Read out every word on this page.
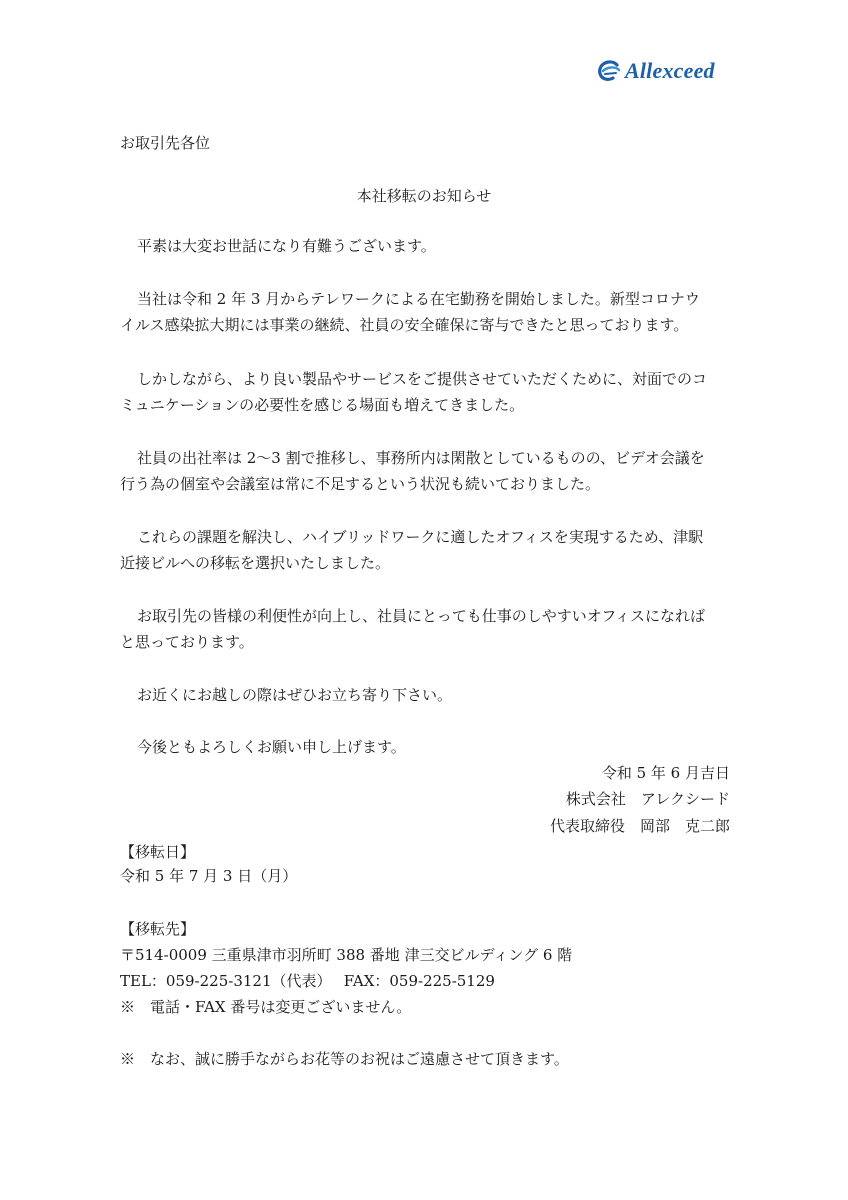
Allexceed
お取引先各位
本社移転のお知らせ
平素は大変お世話になり有難うございます。
当社は令和 2 年 3 月からテレワークによる在宅勤務を開始しました。新型コロナウ
イルス感染拡大期には事業の継続、社員の安全確保に寄与できたと思っております。
しかしながら、より良い製品やサービスをご提供させていただくために、対面でのコ
ミュニケーションの必要性を感じる場面も増えてきました。
社員の出社率は 2〜3 割で推移し、事務所内は閑散としているものの、ビデオ会議を
行う為の個室や会議室は常に不足するという状況も続いておりました。
これらの課題を解決し、ハイブリッドワークに適したオフィスを実現するため、津駅
近接ビルへの移転を選択いたしました。
お取引先の皆様の利便性が向上し、社員にとっても仕事のしやすいオフィスになれば
と思っております。
お近くにお越しの際はぜひお立ち寄り下さい。
今後ともよろしくお願い申し上げます。
令和 5 年 6 月吉日
株式会社　アレクシード
代表取締役　岡部　克二郎
【移転日】
令和 5 年 7 月 3 日（月）
【移転先】
〒514-0009 三重県津市羽所町 388 番地 津三交ビルディング 6 階
TEL：059-225-3121（代表）　 FAX：059-225-5129
※　電話・FAX 番号は変更ございません。
※　なお、誠に勝手ながらお花等のお祝はご遠慮させて頂きます。
